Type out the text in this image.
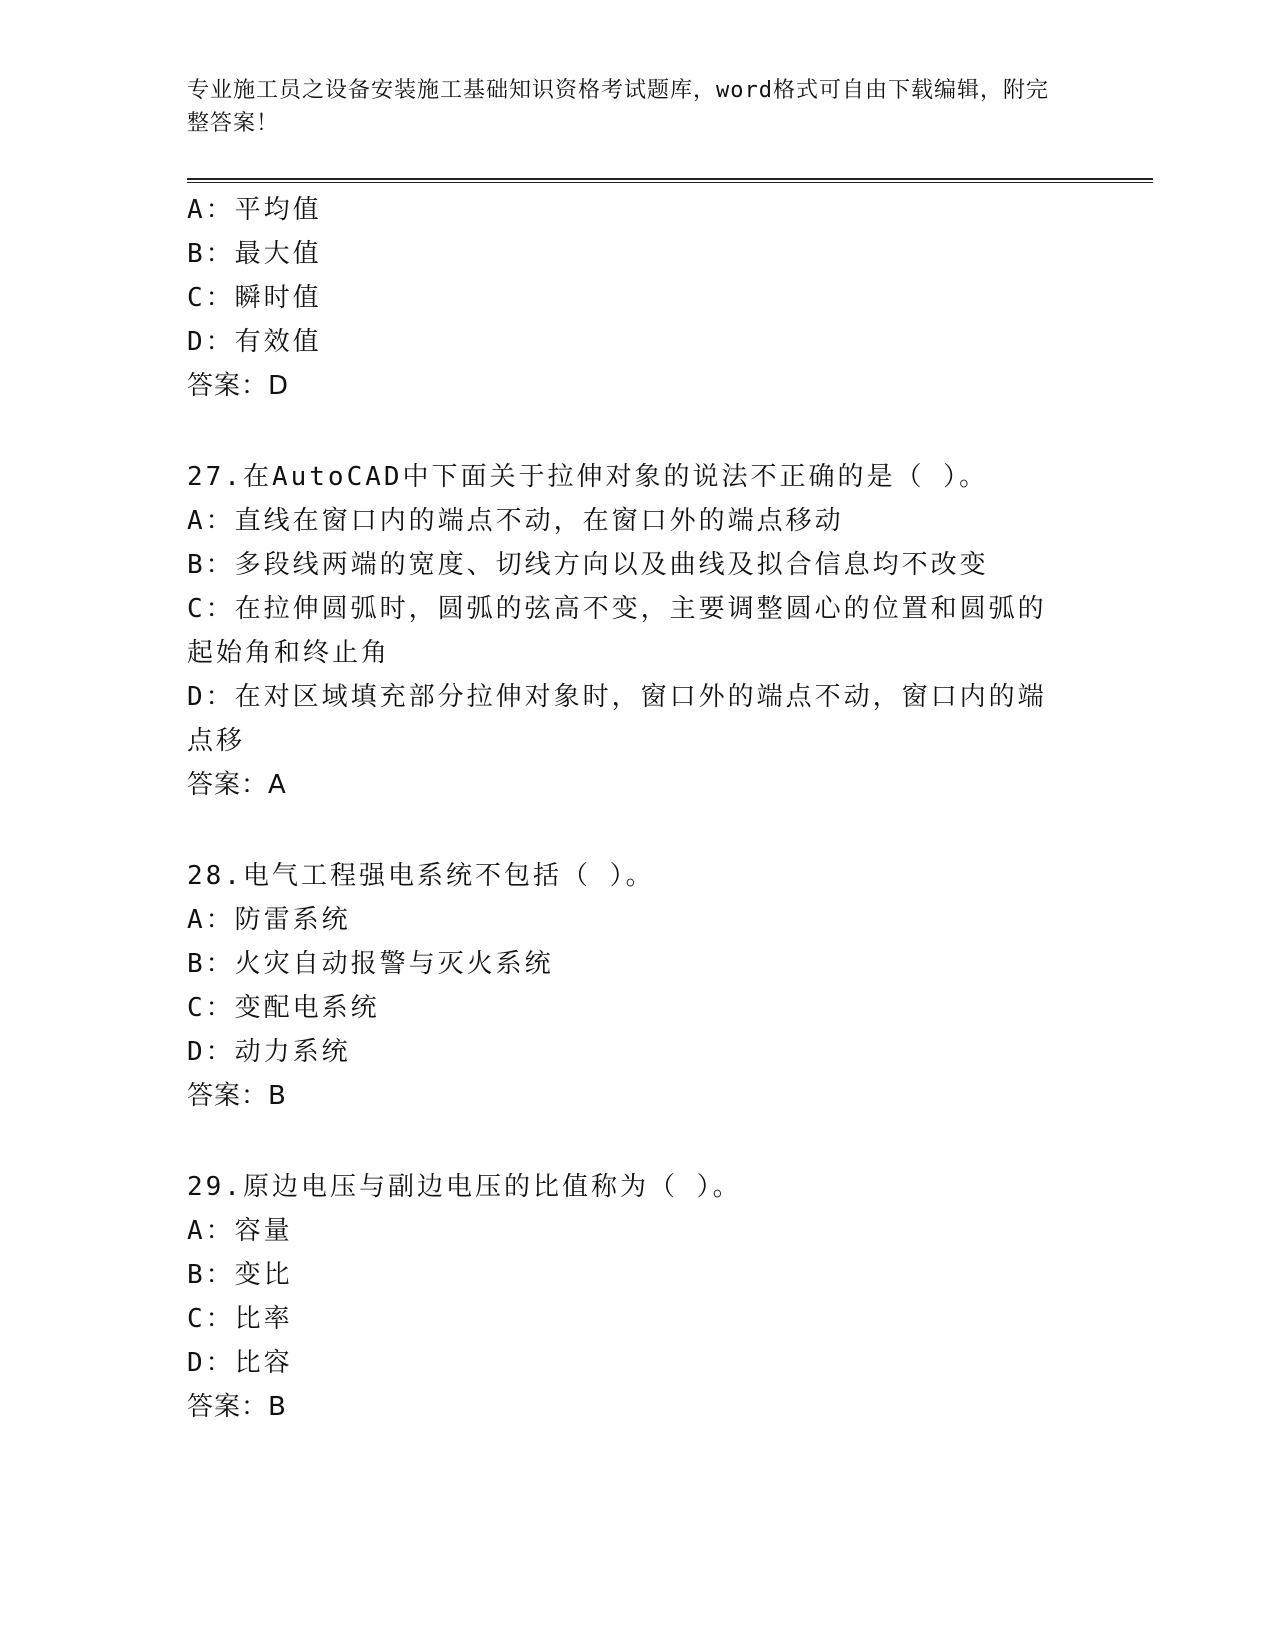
专业施工员之设备安装施工基础知识资格考试题库，word格式可自由下载编辑，附完整答案！

A：平均值

B：最大值

C：瞬时值

D：有效值

答案：D

27.在AutoCAD中下面关于拉伸对象的说法不正确的是（ ）。

A：直线在窗口内的端点不动，在窗口外的端点移动

B：多段线两端的宽度、切线方向以及曲线及拟合信息均不改变

C：在拉伸圆弧时，圆弧的弦高不变，主要调整圆心的位置和圆弧的起始角和终止角

D：在对区域填充部分拉伸对象时，窗口外的端点不动，窗口内的端点移

答案：A

28.电气工程强电系统不包括（ ）。

A：防雷系统

B：火灾自动报警与灭火系统

C：变配电系统

D：动力系统

答案：B

29.原边电压与副边电压的比值称为（ ）。

A：容量

B：变比

C：比率

D：比容

答案：B
